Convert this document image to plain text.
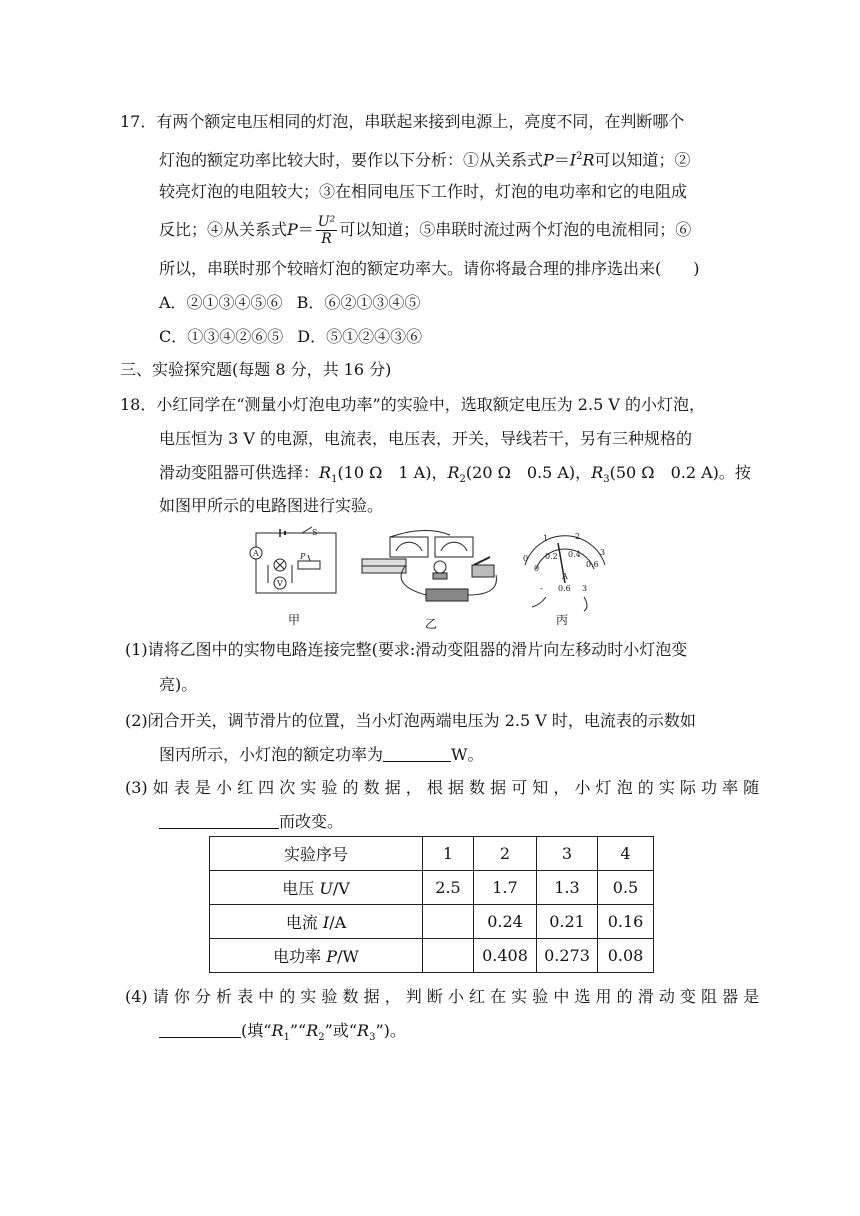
17．有两个额定电压相同的灯泡，串联起来接到电源上，亮度不同，在判断哪个
灯泡的额定功率比较大时，要作以下分析：①从关系式$P=I^2R$可以知道；②
较亮灯泡的电阻较大；③在相同电压下工作时，灯泡的电功率和它的电阻成
反比；④从关系式$P= \frac{\text{U²}}{R}$ 可以知道；⑤串联时流过两个灯泡的电流相同；⑥
所以，串联时那个较暗灯泡的额定功率大。请你将最合理的排序选出来(　　)
A．②①③④⑤⑥ B．⑥②①③④⑤
C．①③④②⑥⑤ D．⑤①②④③⑥
三、实验探究题(每题 8 分，共 16 分)
18．小红同学在“测量小灯泡电功率”的实验中，选取额定电压为 2.5 V 的小灯泡，
电压恒为 3 V 的电源，电流表，电压表，开关，导线若干，另有三种规格的
滑动变阻器可供选择：$R_1(10$ Ω　1 A)，$R_2(20$ Ω　0.5 A)，$R_3(50$ Ω　0.2 A)。按
如图甲所示的电路图进行实验。
A
V
S
P	0
1	2
3
0
0.2 0.4
0.6
A
- 0.6 3
甲	乙	丙
(1)请将乙图中的实物电路连接完整(要求:滑动变阻器的滑片向左移动时小灯泡变
亮)。
(2)闭合开关，调节滑片的位置，当小灯泡两端电压为 2.5 V 时，电流表的示数如
图丙所示，小灯泡的额定功率为	W。
(3) 如 表 是 小 红 四 次 实 验 的 数 据 ， 根 据 数 据 可 知 ， 小 灯 泡 的 实 际 功 率 随
而改变。
实验序号	1	2	3	4
电压 U/V	2.5	1.7	1.3	0.5
电流 I/A		0.24	0.21	0.16
电功率 P/W		0.408	0.273	0.08
(4) 请 你 分 析 表 中 的 实 验 数 据 ， 判 断 小 红 在 实 验 中 选 用 的 滑 动 变 阻 器 是
(填“$R_1”“R_2$”或“$R_3$”)。
